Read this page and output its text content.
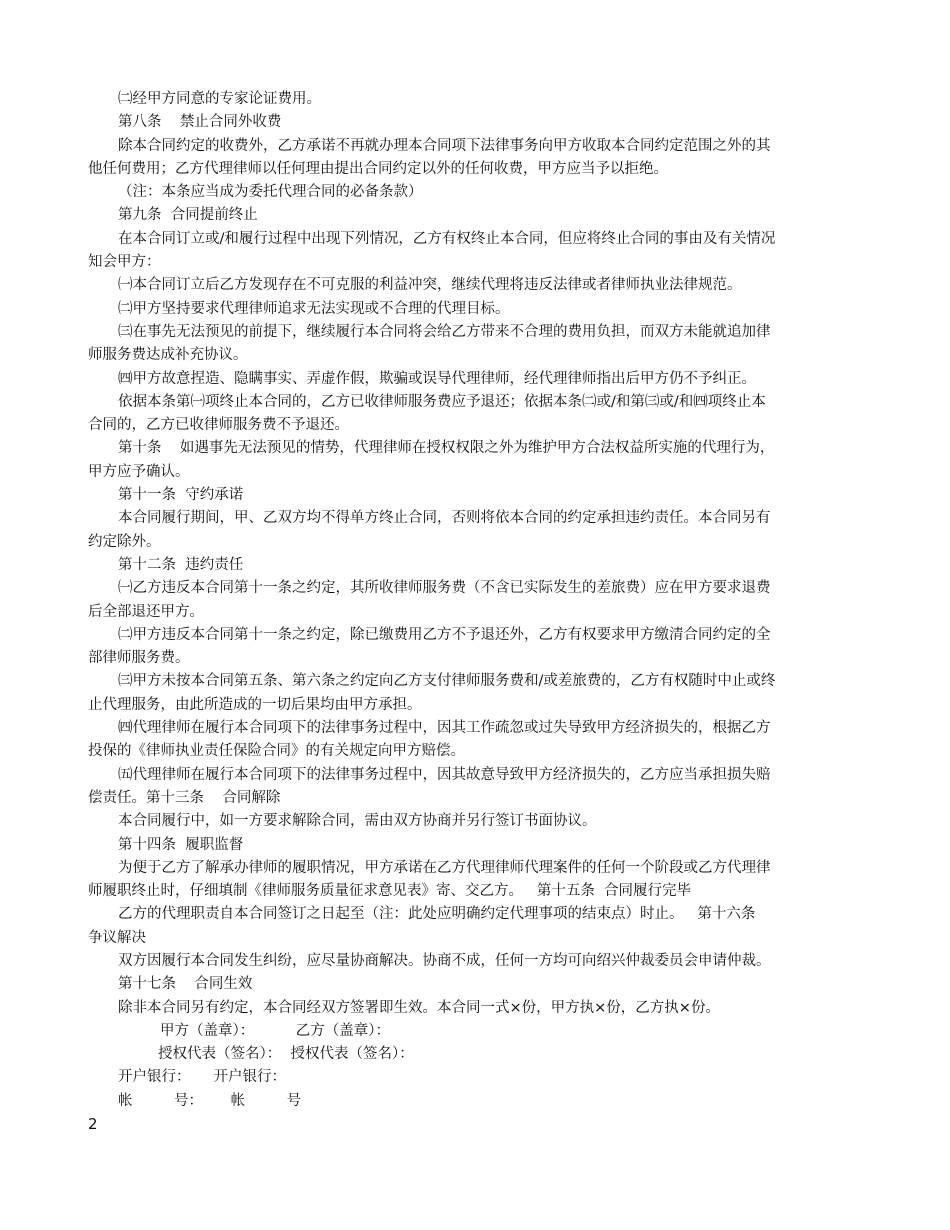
㈡经甲方同意的专家论证费用。
第八条    禁止合同外收费
除本合同约定的收费外，乙方承诺不再就办理本合同项下法律事务向甲方收取本合同约定范围之外的其
他任何费用；乙方代理律师以任何理由提出合同约定以外的任何收费，甲方应当予以拒绝。
（注：本条应当成为委托代理合同的必备条款）
第九条  合同提前终止
在本合同订立或/和履行过程中出现下列情况，乙方有权终止本合同，但应将终止合同的事由及有关情况
知会甲方：
㈠本合同订立后乙方发现存在不可克服的利益冲突，继续代理将违反法律或者律师执业法律规范。
㈡甲方坚持要求代理律师追求无法实现或不合理的代理目标。
㈢在事先无法预见的前提下，继续履行本合同将会给乙方带来不合理的费用负担，而双方未能就追加律
师服务费达成补充协议。
㈣甲方故意捏造、隐瞒事实、弄虚作假，欺骗或误导代理律师，经代理律师指出后甲方仍不予纠正。
依据本条第㈠项终止本合同的，乙方已收律师服务费应予退还；依据本条㈡或/和第㈢或/和㈣项终止本
合同的，乙方已收律师服务费不予退还。
第十条    如遇事先无法预见的情势，代理律师在授权权限之外为维护甲方合法权益所实施的代理行为，
甲方应予确认。
第十一条  守约承诺
本合同履行期间，甲、乙双方均不得单方终止合同，否则将依本合同的约定承担违约责任。本合同另有
约定除外。
第十二条  违约责任
㈠乙方违反本合同第十一条之约定，其所收律师服务费（不含已实际发生的差旅费）应在甲方要求退费
后全部退还甲方。
㈡甲方违反本合同第十一条之约定，除已缴费用乙方不予退还外，乙方有权要求甲方缴清合同约定的全
部律师服务费。
㈢甲方未按本合同第五条、第六条之约定向乙方支付律师服务费和/或差旅费的，乙方有权随时中止或终
止代理服务，由此所造成的一切后果均由甲方承担。
㈣代理律师在履行本合同项下的法律事务过程中，因其工作疏忽或过失导致甲方经济损失的，根据乙方
投保的《律师执业责任保险合同》的有关规定向甲方赔偿。
㈤代理律师在履行本合同项下的法律事务过程中，因其故意导致甲方经济损失的，乙方应当承担损失赔
偿责任。第十三条    合同解除
本合同履行中，如一方要求解除合同，需由双方协商并另行签订书面协议。
第十四条  履职监督
为便于乙方了解承办律师的履职情况，甲方承诺在乙方代理律师代理案件的任何一个阶段或乙方代理律
师履职终止时，仔细填制《律师服务质量征求意见表》寄、交乙方。   第十五条  合同履行完毕
乙方的代理职责自本合同签订之日起至（注：此处应明确约定代理事项的结束点）时止。   第十六条
争议解决
双方因履行本合同发生纠纷，应尽量协商解决。协商不成，任何一方均可向绍兴仲裁委员会申请仲裁。
第十七条    合同生效
除非本合同另有约定，本合同经双方签署即生效。本合同一式×份，甲方执×份，乙方执×份。
甲方（盖章）：         乙方（盖章）：
授权代表（签名）：  授权代表（签名）：
开户银行：     开户银行：
帐         号：      帐         号
2
